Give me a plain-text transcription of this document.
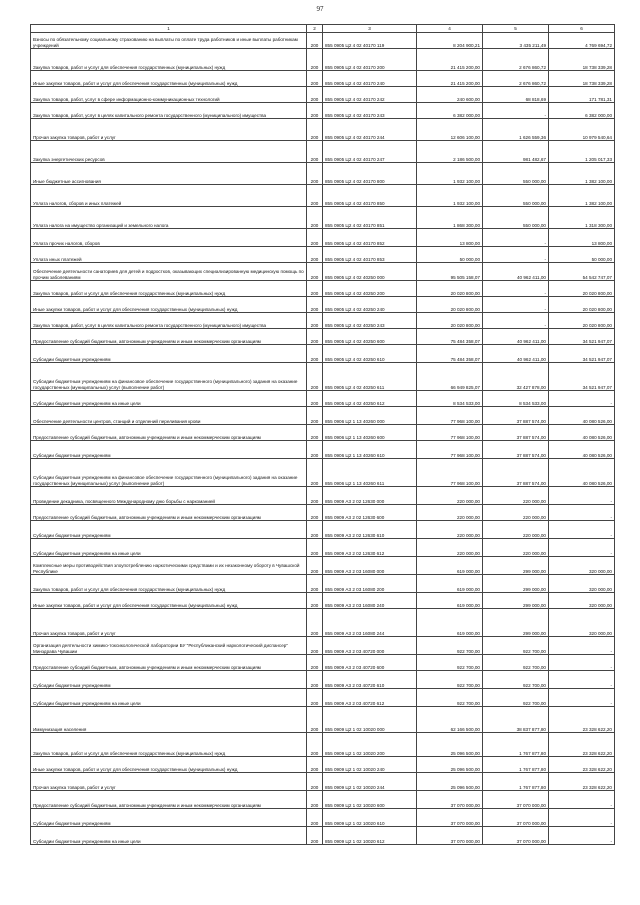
97
1	2	3	4	5	6
Взносы по обязательному социальному страхованию на выплаты по оплате труда работников и иные выплаты работникам учреждений	200	855 0905 Ц2 4 02 40170 119	8 204 900,21	3 435 211,49	4 769 694,72
Закупка товаров, работ и услуг для обеспечения государственных (муниципальных) нужд	200	855 0905 Ц2 4 02 40170 200	21 415 200,00	2 676 860,72	18 738 339,28
Иные закупки товаров, работ и услуг для обеспечения государственных (муниципальных) нужд	200	855 0905 Ц2 4 02 40170 240	21 415 200,00	2 676 860,72	18 738 339,28
Закупка товаров, работ, услуг в сфере информационно-коммуникационных технологий	200	855 0905 Ц2 4 02 40170 242	240 600,00	68 818,69	171 781,31
Закупка товаров, работ, услуг в целях капитального ремонта государственного (муниципального) имущества	200	855 0905 Ц2 4 02 40170 243	6 382 000,00	-	6 382 000,00
Прочая закупка товаров, работ и услуг	200	855 0905 Ц2 4 02 40170 244	12 606 100,00	1 626 559,36	10 979 540,64
Закупка энергетических ресурсов	200	855 0905 Ц2 4 02 40170 247	2 186 500,00	981 482,67	1 205 017,33
Иные бюджетные ассигнования	200	855 0905 Ц2 4 02 40170 800	1 932 100,00	550 000,00	1 382 100,00
Уплата налогов, сборов и иных платежей	200	855 0905 Ц2 4 02 40170 850	1 932 100,00	550 000,00	1 382 100,00
Уплата налога на имущество организаций и земельного налога	200	855 0905 Ц2 4 02 40170 851	1 868 300,00	550 000,00	1 318 300,00
Уплата прочих налогов, сборов	200	855 0905 Ц2 4 02 40170 852	13 800,00	-	13 800,00
Уплата иных платежей	200	855 0905 Ц2 4 02 40170 853	50 000,00	-	50 000,00
Обеспечение деятельности санаториев для детей и подростков, оказывающих специализированную медицинскую помощь по прочим заболеваниям	200	855 0905 Ц2 4 02 40250 000	95 505 158,07	40 962 411,00	54 542 747,07
Закупка товаров, работ и услуг для обеспечения государственных (муниципальных) нужд	200	855 0905 Ц2 4 02 40250 200	20 020 800,00	-	20 020 800,00
Иные закупки товаров, работ и услуг для обеспечения государственных (муниципальных) нужд	200	855 0905 Ц2 4 02 40250 240	20 020 800,00	-	20 020 800,00
Закупка товаров, работ, услуг в целях капитального ремонта государственного (муниципального) имущества	200	855 0905 Ц2 4 02 40250 243	20 020 800,00	-	20 020 800,00
Предоставление субсидий бюджетным, автономным учреждениям и иным некоммерческим организациям	200	855 0905 Ц2 4 02 40250 600	75 484 358,07	40 962 411,00	34 521 947,07
Субсидии бюджетным учреждениям	200	855 0905 Ц2 4 02 40250 610	75 484 358,07	40 962 411,00	34 521 947,07
Субсидии бюджетным учреждениям на финансовое обеспечение государственного (муниципального) задания на оказание государственных (муниципальных) услуг (выполнение работ)	200	855 0905 Ц2 4 02 40250 611	66 949 825,07	32 427 878,00	34 521 947,07
Субсидии бюджетным учреждениям на иные цели	200	855 0905 Ц2 4 02 40250 612	8 534 533,00	8 534 533,00	-
Обеспечение деятельности центров, станций и отделений переливания крови	200	855 0906 Ц2 1 13 40260 000	77 968 100,00	37 887 574,00	40 080 526,00
Предоставление субсидий бюджетным, автономным учреждениям и иным некоммерческим организациям	200	855 0906 Ц2 1 13 40260 600	77 968 100,00	37 887 574,00	40 080 526,00
Субсидии бюджетным учреждениям	200	855 0906 Ц2 1 13 40260 610	77 968 100,00	37 887 574,00	40 080 526,00
Субсидии бюджетным учреждениям на финансовое обеспечение государственного (муниципального) задания на оказание государственных (муниципальных) услуг (выполнение работ)	200	855 0906 Ц2 1 13 40260 611	77 968 100,00	37 887 574,00	40 080 526,00
Проведение декадника, посвященного Международному дню борьбы с наркоманией	200	855 0909 А3 2 02 12630 000	220 000,00	220 000,00	-
Предоставление субсидий бюджетным, автономным учреждениям и иным некоммерческим организациям	200	855 0909 А3 2 02 12630 600	220 000,00	220 000,00	-
Субсидии бюджетным учреждениям	200	855 0909 А3 2 02 12630 610	220 000,00	220 000,00	-
Субсидии бюджетным учреждениям на иные цели	200	855 0909 А3 2 02 12630 612	220 000,00	220 000,00	-
Комплексные меры противодействия злоупотреблению наркотическими средствами и их незаконному обороту в Чувашской Республике	200	855 0909 А3 2 03 16080 000	619 000,00	299 000,00	320 000,00
Закупка товаров, работ и услуг для обеспечения государственных (муниципальных) нужд	200	855 0909 А3 2 03 16080 200	619 000,00	299 000,00	320 000,00
Иные закупки товаров, работ и услуг для обеспечения государственных (муниципальных) нужд	200	855 0909 А3 2 03 16080 240	619 000,00	299 000,00	320 000,00
Прочая закупка товаров, работ и услуг	200	855 0909 А3 2 03 16080 244	619 000,00	299 000,00	320 000,00
Организация деятельности химико-токсикологической лаборатории БУ "Республиканский наркологический диспансер" Минздрава Чувашии	200	855 0909 А3 2 03 40720 000	922 700,00	922 700,00	-
Предоставление субсидий бюджетным, автономным учреждениям и иным некоммерческим организациям	200	855 0909 А3 2 03 40720 600	922 700,00	922 700,00	-
Субсидии бюджетным учреждениям	200	855 0909 А3 2 03 40720 610	922 700,00	922 700,00	-
Субсидии бюджетным учреждениям на иные цели	200	855 0909 А3 2 03 40720 612	922 700,00	922 700,00	-
Иммунизация населения	200	855 0909 Ц2 1 02 10020 000	62 166 500,00	38 837 877,80	23 328 622,20
Закупка товаров, работ и услуг для обеспечения государственных (муниципальных) нужд	200	855 0909 Ц2 1 02 10020 200	25 096 500,00	1 767 877,80	23 328 622,20
Иные закупки товаров, работ и услуг для обеспечения государственных (муниципальных) нужд	200	855 0909 Ц2 1 02 10020 240	25 096 500,00	1 767 877,80	23 328 622,20
Прочая закупка товаров, работ и услуг	200	855 0909 Ц2 1 02 10020 244	25 096 500,00	1 767 877,80	23 328 622,20
Предоставление субсидий бюджетным, автономным учреждениям и иным некоммерческим организациям	200	855 0909 Ц2 1 02 10020 600	37 070 000,00	37 070 000,00	-
Субсидии бюджетным учреждениям	200	855 0909 Ц2 1 02 10020 610	37 070 000,00	37 070 000,00	-
Субсидии бюджетным учреждениям на иные цели	200	855 0909 Ц2 1 02 10020 612	37 070 000,00	37 070 000,00	-
